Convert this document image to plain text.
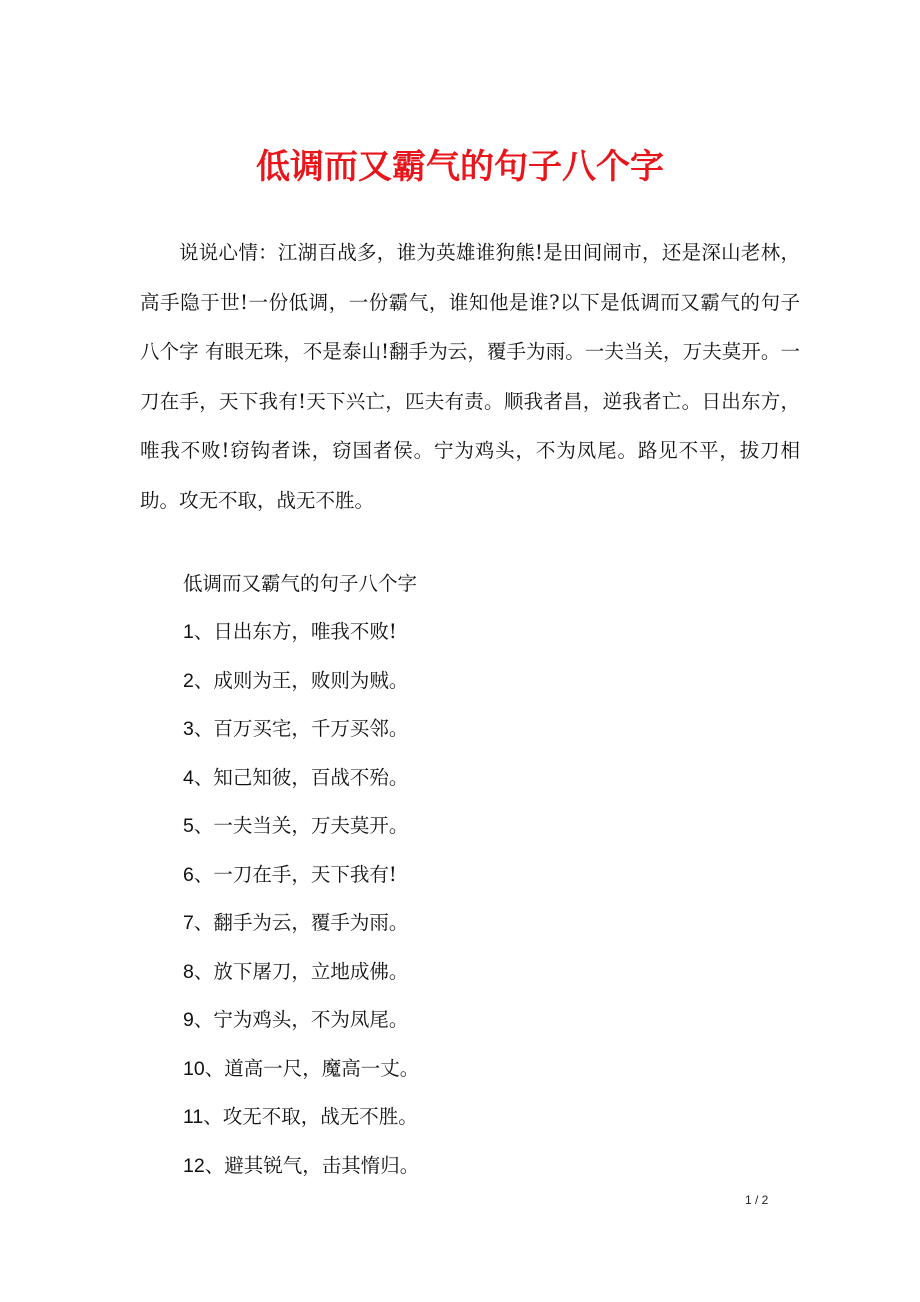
低调而又霸气的句子八个字

说说心情：江湖百战多，谁为英雄谁狗熊!是田间闹市，还是深山老林，高手隐于世!一份低调，一份霸气，谁知他是谁?以下是低调而又霸气的句子八个字 有眼无珠，不是泰山!翻手为云，覆手为雨。一夫当关，万夫莫开。一刀在手，天下我有!天下兴亡，匹夫有责。顺我者昌，逆我者亡。日出东方，唯我不败!窃钩者诛，窃国者侯。宁为鸡头，不为凤尾。路见不平，拔刀相助。攻无不取，战无不胜。

低调而又霸气的句子八个字

1、日出东方，唯我不败!
2、成则为王，败则为贼。
3、百万买宅，千万买邻。
4、知己知彼，百战不殆。
5、一夫当关，万夫莫开。
6、一刀在手，天下我有!
7、翻手为云，覆手为雨。
8、放下屠刀，立地成佛。
9、宁为鸡头，不为凤尾。
10、道高一尺，魔高一丈。
11、攻无不取，战无不胜。
12、避其锐气，击其惰归。
1 / 2
